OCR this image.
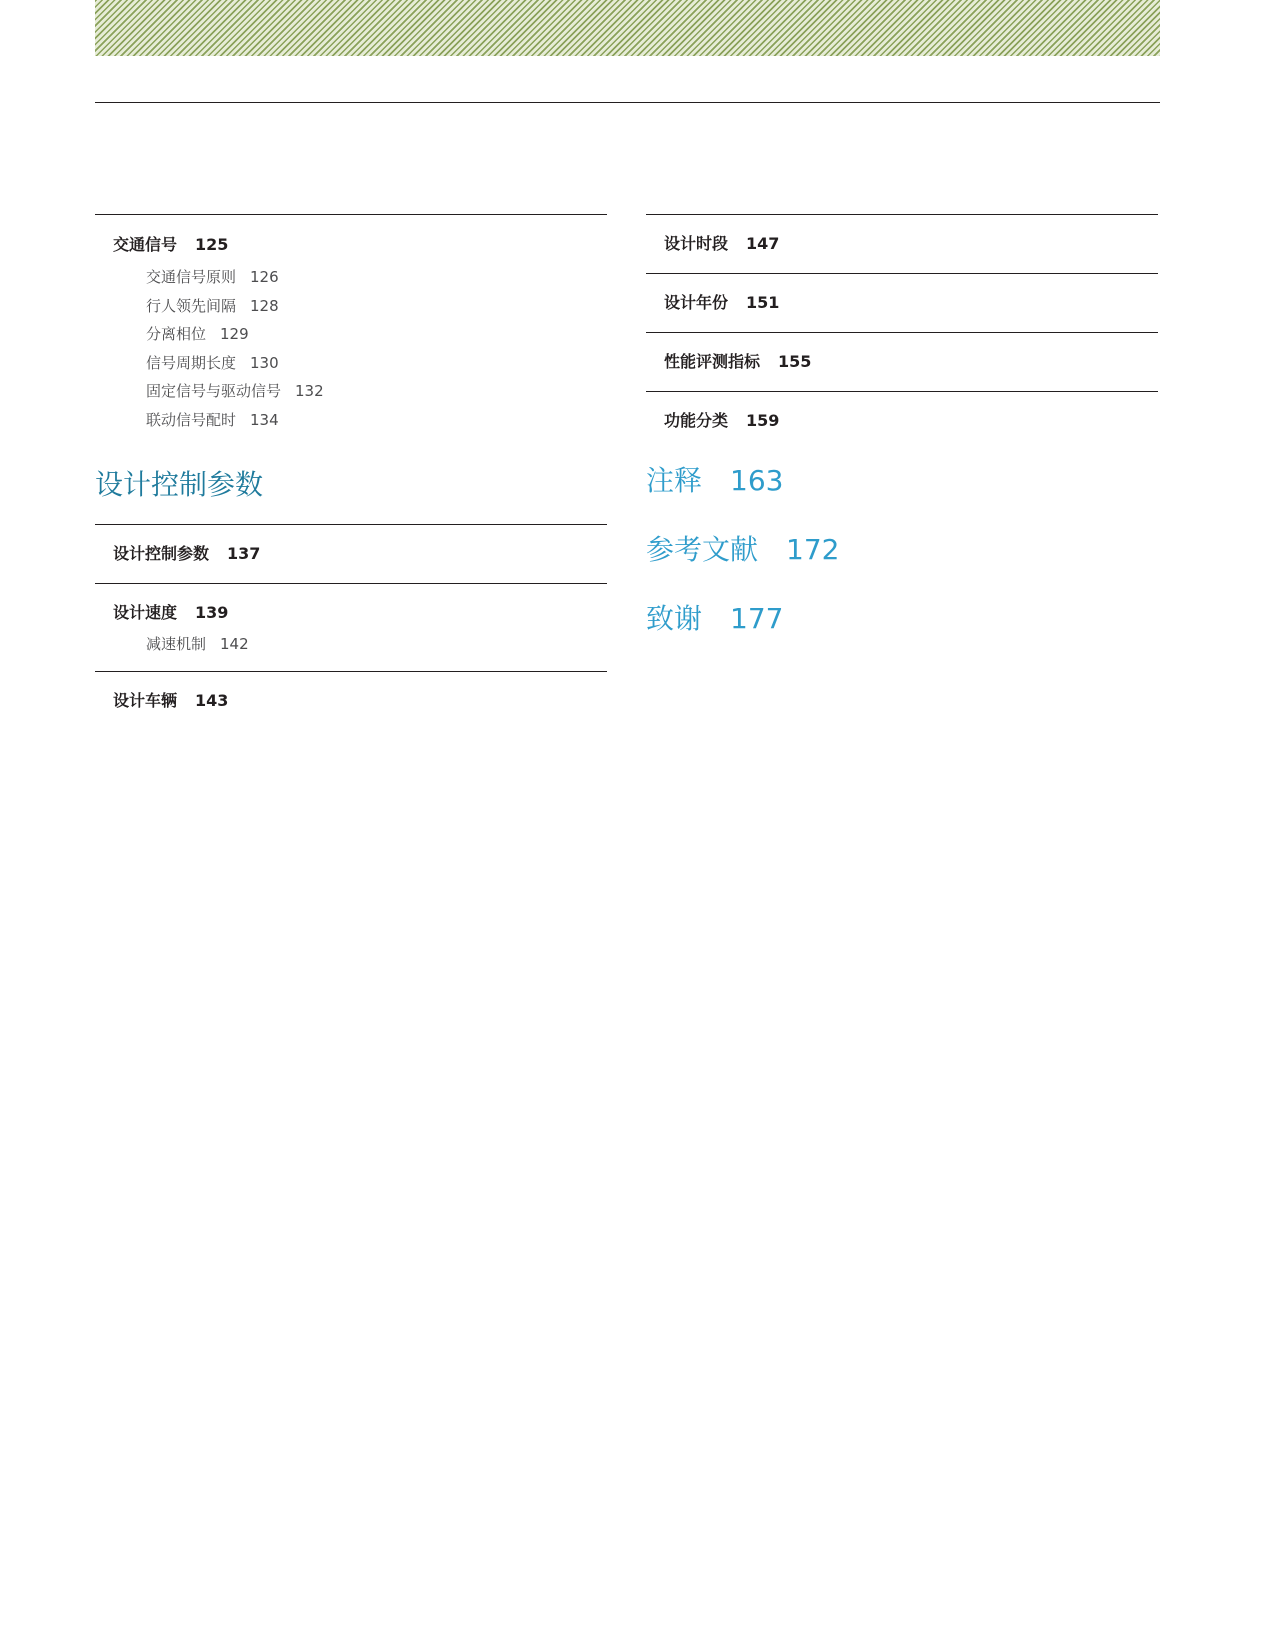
交通信号 125
交通信号原则 126
行人领先间隔 128
分离相位 129
信号周期长度 130
固定信号与驱动信号 132
联动信号配时 134
设计控制参数
设计控制参数 137
设计速度 139
减速机制 142
设计车辆 143
设计时段 147
设计年份 151
性能评测指标 155
功能分类 159
注释 163
参考文献 172
致谢 177
